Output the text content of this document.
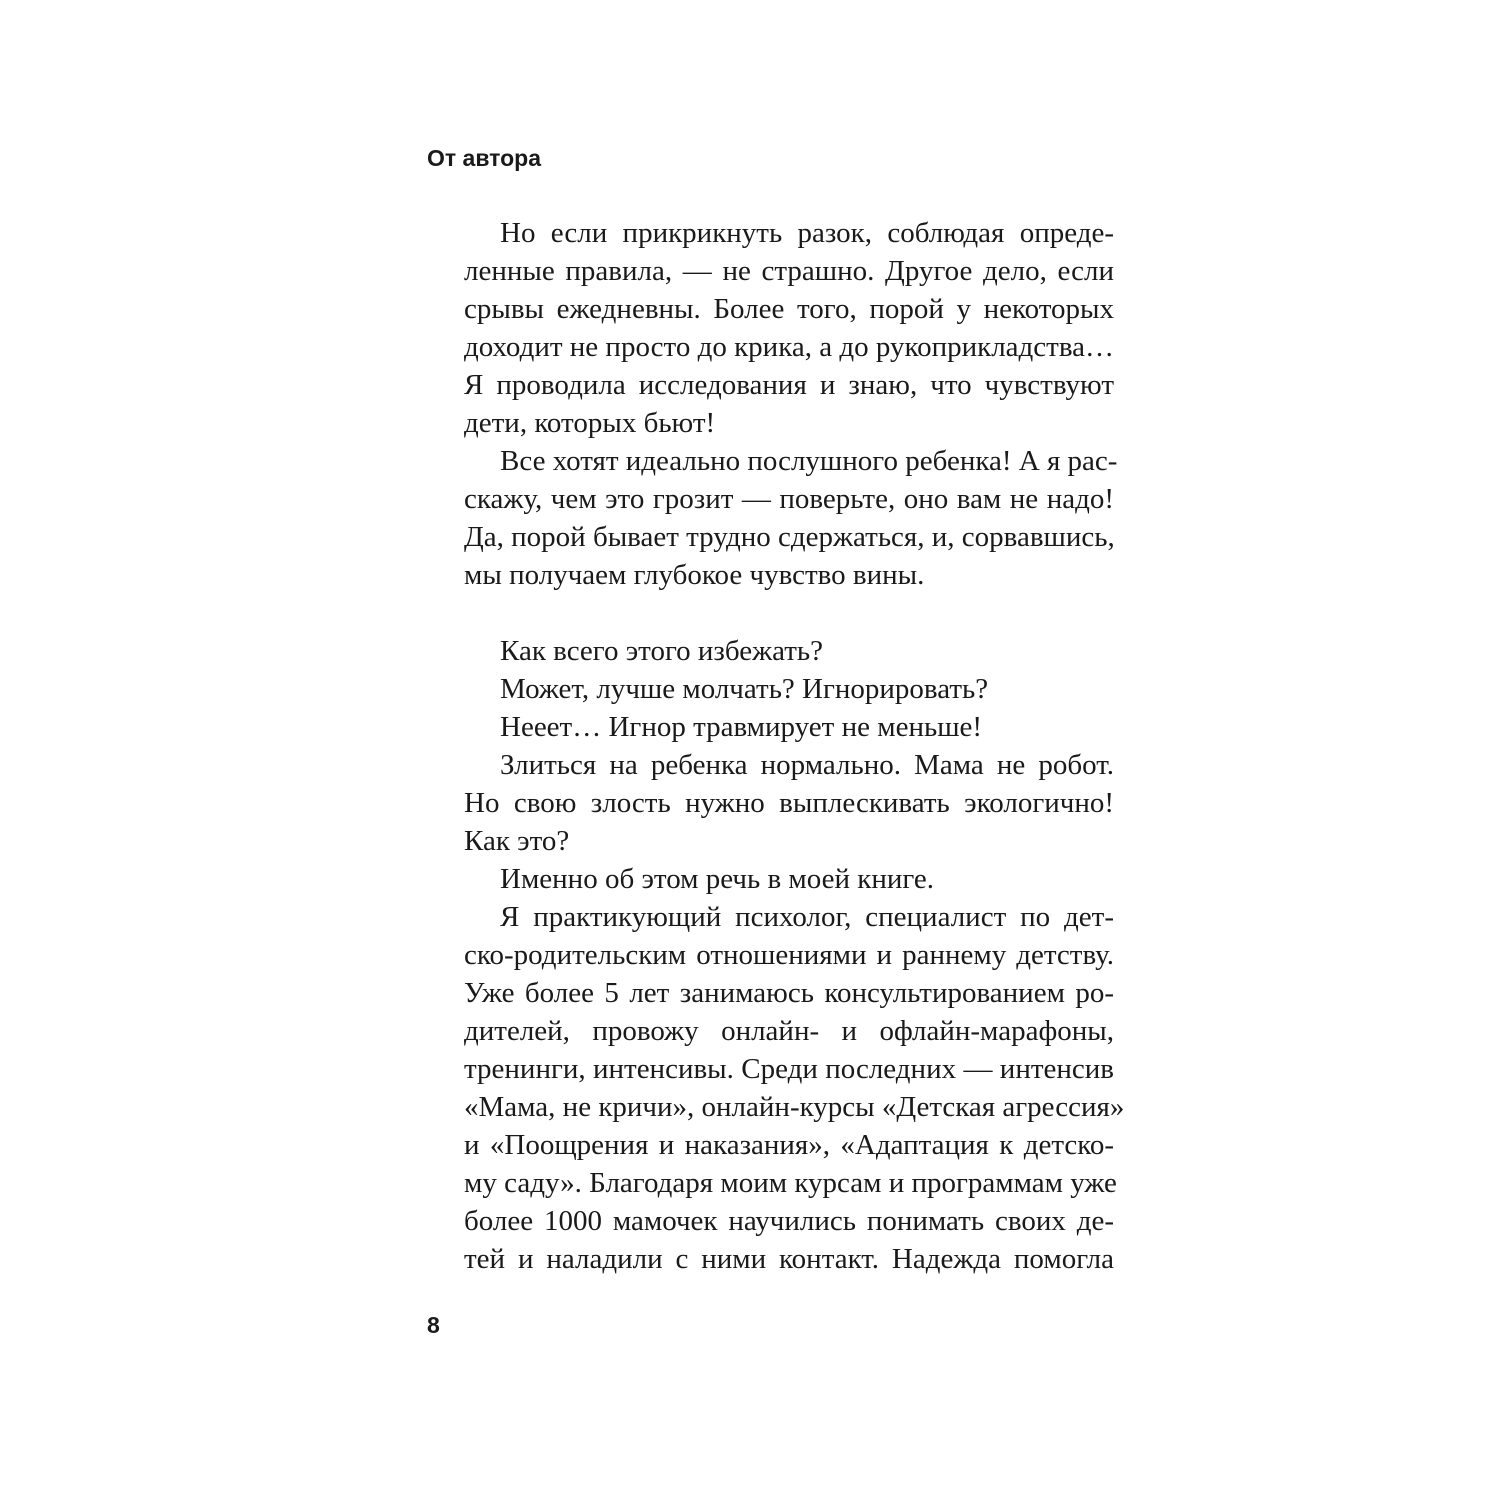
От автора
Но если прикрикнуть разок, соблюдая опреде-
ленные правила, — не страшно. Другое дело, если
срывы ежедневны. Более того, порой у некоторых
доходит не просто до крика, а до рукоприкладства…
Я проводила исследования и знаю, что чувствуют
дети, которых бьют!
Все хотят идеально послушного ребенка! А я рас-
скажу, чем это грозит — поверьте, оно вам не надо!
Да, порой бывает трудно сдержаться, и, сорвавшись,
мы получаем глубокое чувство вины.
Как всего этого избежать?
Может, лучше молчать? Игнорировать?
Нееет… Игнор травмирует не меньше!
Злиться на ребенка нормально. Мама не робот.
Но свою злость нужно выплескивать экологично!
Как это?
Именно об этом речь в моей книге.
Я практикующий психолог, специалист по дет-
ско-родительским отношениями и раннему детству.
Уже более 5 лет занимаюсь консультированием ро-
дителей, провожу онлайн- и офлайн-марафоны,
тренинги, интенсивы. Среди последних — интенсив
«Мама, не кричи», онлайн-курсы «Детская агрессия»
и «Поощрения и наказания», «Адаптация к детско-
му саду». Благодаря моим курсам и программам уже
более 1000 мамочек научились понимать своих де-
тей и наладили с ними контакт. Надежда помогла
8
